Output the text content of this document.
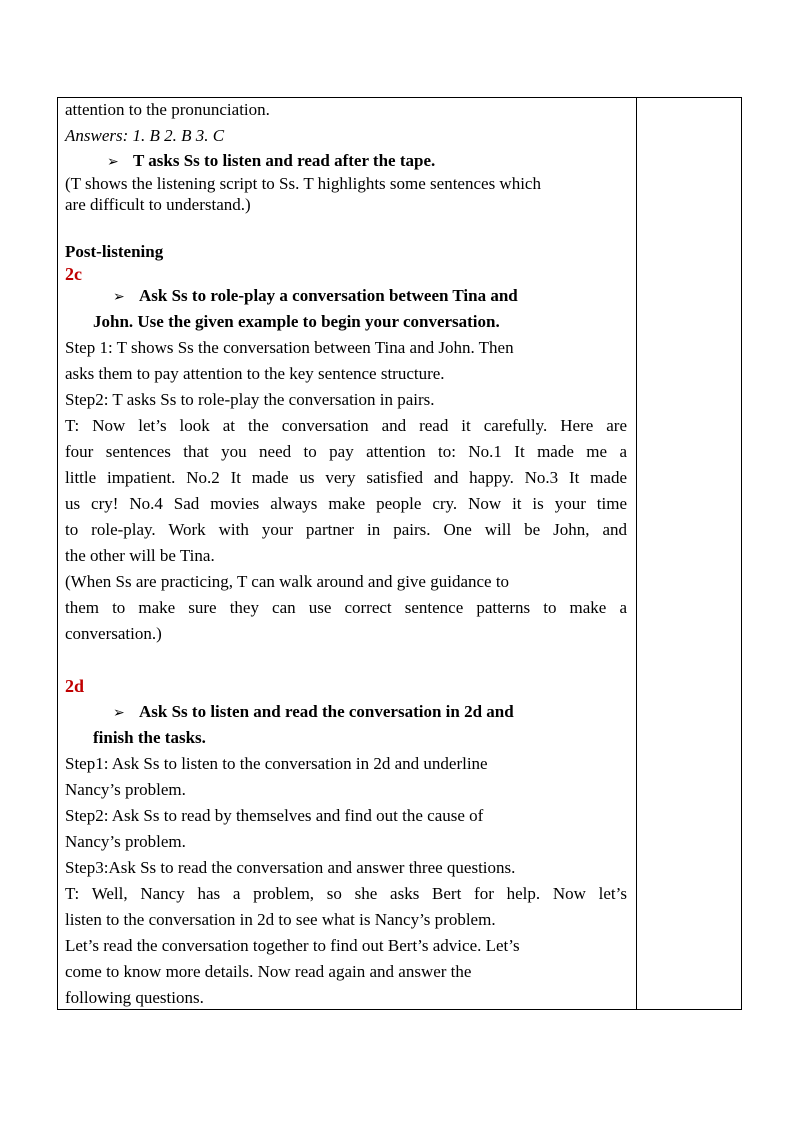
attention to the pronunciation.
Answers: 1. B 2. B 3. C
➢ T asks Ss to listen and read after the tape.
(T shows the listening script to Ss. T highlights some sentences which
are difficult to understand.)
Post-listening
2c
➢ Ask Ss to role-play a conversation between Tina and
John. Use the given example to begin your conversation.
Step 1: T shows Ss the conversation between Tina and John. Then
asks them to pay attention to the key sentence structure.
Step2: T asks Ss to role-play the conversation in pairs.
T: Now let’s look at the conversation and read it carefully. Here are
four sentences that you need to pay attention to: No.1 It made me a
little impatient. No.2 It made us very satisfied and happy. No.3 It made
us cry! No.4 Sad movies always make people cry. Now it is your time
to role-play. Work with your partner in pairs. One will be John, and
the other will be Tina.
(When Ss are practicing, T can walk around and give guidance to
them to make sure they can use correct sentence patterns to make a
conversation.)
2d
➢ Ask Ss to listen and read the conversation in 2d and
finish the tasks.
Step1: Ask Ss to listen to the conversation in 2d and underline
Nancy’s problem.
Step2: Ask Ss to read by themselves and find out the cause of
Nancy’s problem.
Step3:Ask Ss to read the conversation and answer three questions.
T: Well, Nancy has a problem, so she asks Bert for help. Now let’s
listen to the conversation in 2d to see what is Nancy’s problem.
Let’s read the conversation together to find out Bert’s advice. Let’s
come to know more details. Now read again and answer the
following questions.
